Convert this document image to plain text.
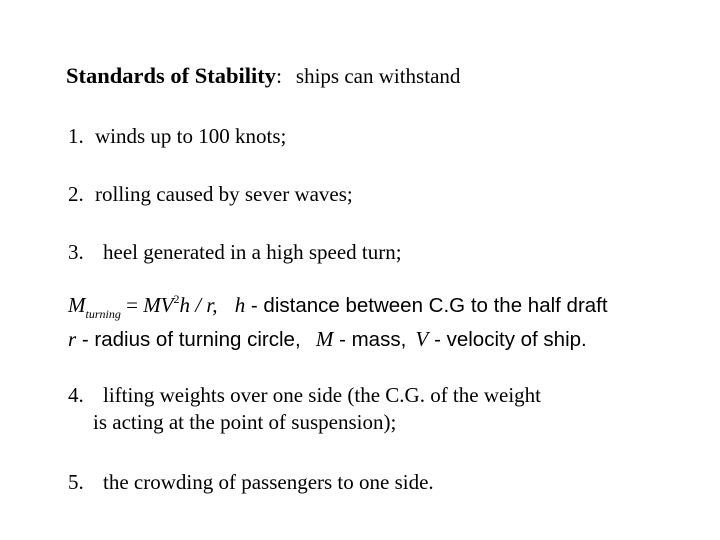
Standards of Stability: ships can withstand
1. winds up to 100 knots;
2. rolling caused by sever waves;
3. heel generated in a high speed turn;
$M_{turning} = MV^2h / r$, h - distance between C.G to the half draft
r - radius of turning circle, M - mass, V - velocity of ship.
4. lifting weights over one side (the C.G. of the weight
is acting at the point of suspension);
5. the crowding of passengers to one side.
